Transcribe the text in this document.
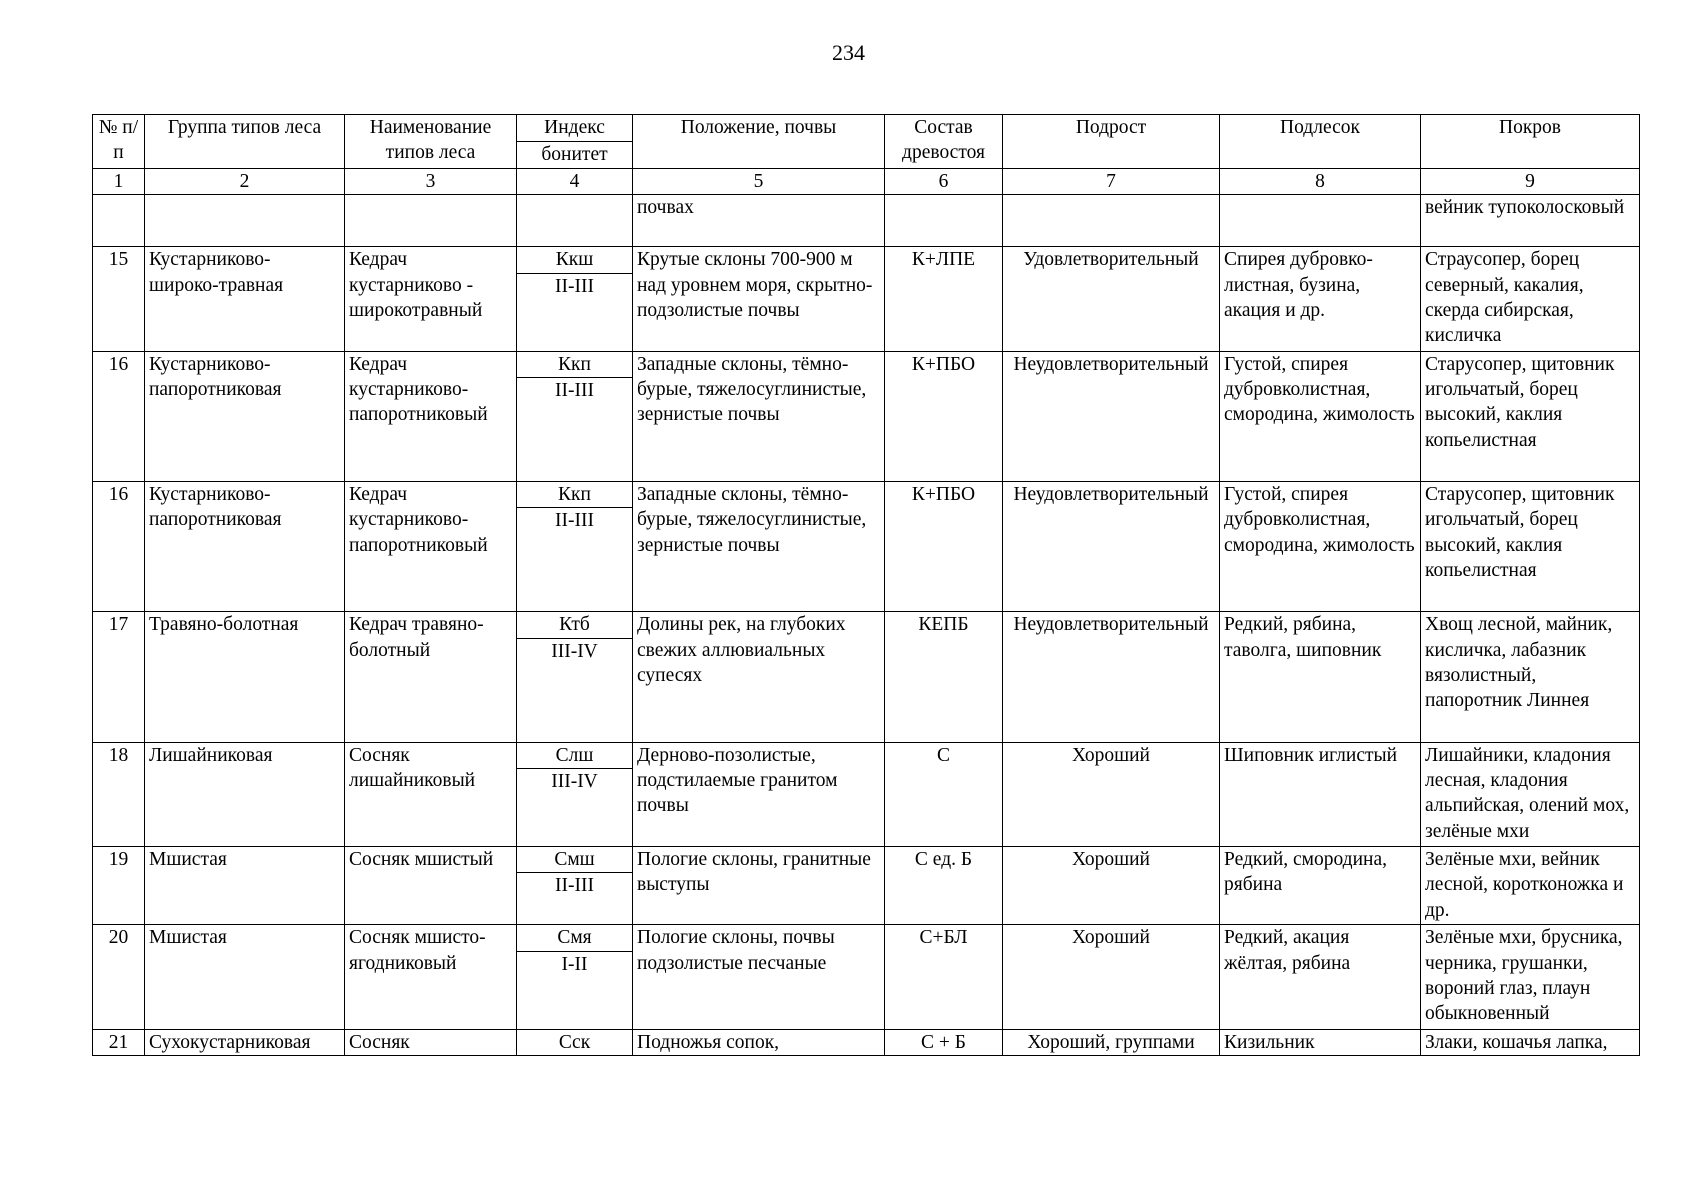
234
№ п/п	Группа типов леса	Наименование типов леса	Индекс	Положение, почвы	Состав древостоя	Подрост	Подлесок	Покров
			бонитет					
1	2	3	4	5	6	7	8	9
				почвах				вейник тупоколосковый
15	Кустарниково-широко-травная	Кедрач кустарниково - широкотравный	Ккш	Крутые склоны 700-900 м над уровнем моря, скрытно-подзолистые почвы	К+ЛПЕ	Удовлетворительный	Спирея дубровко-листная, бузина, акация и др.	Страусопер, борец северный, какалия, скерда сибирская, кисличка
			II-III					
16	Кустарниково-папоротниковая	Кедрач кустарниково-папоротниковый	Ккп	Западные склоны, тёмно-бурые, тяжелосуглинистые, зернистые почвы	К+ПБО	Неудовлетворительный	Густой, спирея дубровколистная, смородина, жимолость	Старусопер, щитовник игольчатый, борец высокий, каклия копьелистная
			II-III					
16	Кустарниково-папоротниковая	Кедрач кустарниково-папоротниковый	Ккп	Западные склоны, тёмно-бурые, тяжелосуглинистые, зернистые почвы	К+ПБО	Неудовлетворительный	Густой, спирея дубровколистная, смородина, жимолость	Старусопер, щитовник игольчатый, борец высокий, каклия копьелистная
			II-III					
17	Травяно-болотная	Кедрач травяно-болотный	Ктб	Долины рек, на глубоких свежих аллювиальных супесях	КЕПБ	Неудовлетворительный	Редкий, рябина, таволга, шиповник	Хвощ лесной, майник, кисличка, лабазник вязолистный, папоротник Линнея
			III-IV					
18	Лишайниковая	Сосняк лишайниковый	Слш	Дерново-позолистые, подстилаемые гранитом почвы	С	Хороший	Шиповник иглистый	Лишайники, кладония лесная, кладония альпийская, олений мох, зелёные мхи
			III-IV					
19	Мшистая	Сосняк мшистый	Смш	Пологие склоны, гранитные выступы	С ед. Б	Хороший	Редкий, смородина, рябина	Зелёные мхи, вейник лесной, коротконожка и др.
			II-III					
20	Мшистая	Сосняк мшисто-ягодниковый	Смя	Пологие склоны, почвы подзолистые песчаные	С+БЛ	Хороший	Редкий, акация жёлтая, рябина	Зелёные мхи, брусника, черника, грушанки, вороний глаз, плаун обыкновенный
			I-II					
21	Сухокустарниковая	Сосняк	Сск	Подножья сопок,	С + Б	Хороший, группами	Кизильник	Злаки, кошачья лапка,
